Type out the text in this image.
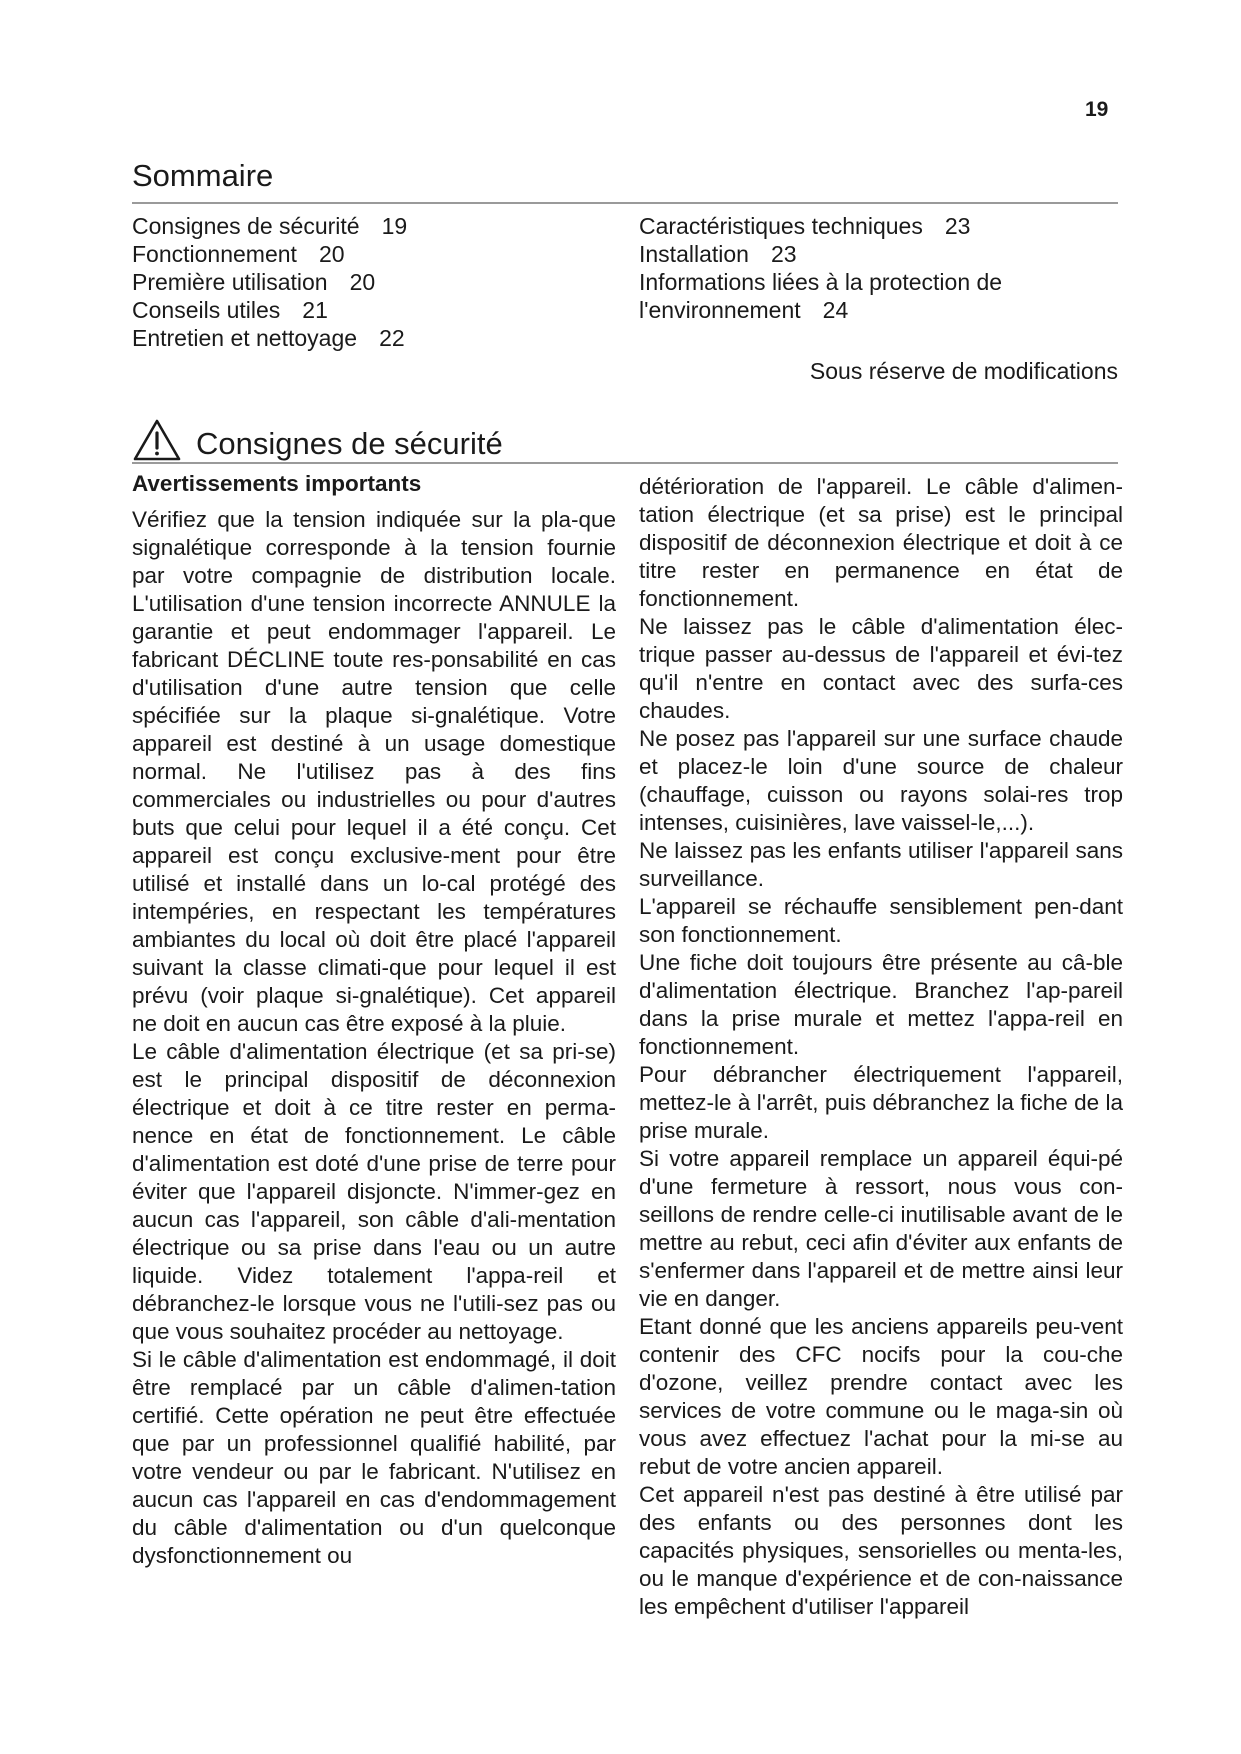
19
Sommaire
Consignes de sécurité 19
Fonctionnement 20
Première utilisation 20
Conseils utiles 21
Entretien et nettoyage 22
Caractéristiques techniques 23
Installation 23
Informations liées à la protection de l'environnement 24
Sous réserve de modifications
Consignes de sécurité
Avertissements importants

Vérifiez que la tension indiquée sur la pla-que signalétique corresponde à la tension fournie par votre compagnie de distribution locale. L'utilisation d'une tension incorrecte ANNULE la garantie et peut endommager l'appareil. Le fabricant DÉCLINE toute res-ponsabilité en cas d'utilisation d'une autre tension que celle spécifiée sur la plaque si-gnalétique. Votre appareil est destiné à un usage domestique normal. Ne l'utilisez pas à des fins commerciales ou industrielles ou pour d'autres buts que celui pour lequel il a été conçu. Cet appareil est conçu exclusive-ment pour être utilisé et installé dans un lo-cal protégé des intempéries, en respectant les températures ambiantes du local où doit être placé l'appareil suivant la classe climati-que pour lequel il est prévu (voir plaque si-gnalétique). Cet appareil ne doit en aucun cas être exposé à la pluie.

Le câble d'alimentation électrique (et sa pri-se) est le principal dispositif de déconnexion électrique et doit à ce titre rester en perma-nence en état de fonctionnement. Le câble d'alimentation est doté d'une prise de terre pour éviter que l'appareil disjoncte. N'immer-gez en aucun cas l'appareil, son câble d'ali-mentation électrique ou sa prise dans l'eau ou un autre liquide. Videz totalement l'appa-reil et débranchez-le lorsque vous ne l'utili-sez pas ou que vous souhaitez procéder au nettoyage.

Si le câble d'alimentation est endommagé, il doit être remplacé par un câble d'alimen-tation certifié. Cette opération ne peut être effectuée que par un professionnel qualifié habilité, par votre vendeur ou par le fabricant. N'utilisez en aucun cas l'appareil en cas d'endommagement du câble d'alimentation ou d'un quelconque dysfonctionnement ou

détérioration de l'appareil. Le câble d'alimen-tation électrique (et sa prise) est le principal dispositif de déconnexion électrique et doit à ce titre rester en permanence en état de fonctionnement.

Ne laissez pas le câble d'alimentation élec-trique passer au-dessus de l'appareil et évi-tez qu'il n'entre en contact avec des surfa-ces chaudes.

Ne posez pas l'appareil sur une surface chaude et placez-le loin d'une source de chaleur (chauffage, cuisson ou rayons solai-res trop intenses, cuisinières, lave vaissel-le,...).

Ne laissez pas les enfants utiliser l'appareil sans surveillance.

L'appareil se réchauffe sensiblement pen-dant son fonctionnement.

Une fiche doit toujours être présente au câ-ble d'alimentation électrique. Branchez l'ap-pareil dans la prise murale et mettez l'appa-reil en fonctionnement.

Pour débrancher électriquement l'appareil, mettez-le à l'arrêt, puis débranchez la fiche de la prise murale.

Si votre appareil remplace un appareil équi-pé d'une fermeture à ressort, nous vous con-seillons de rendre celle-ci inutilisable avant de le mettre au rebut, ceci afin d'éviter aux enfants de s'enfermer dans l'appareil et de mettre ainsi leur vie en danger.

Etant donné que les anciens appareils peu-vent contenir des CFC nocifs pour la cou-che d'ozone, veillez prendre contact avec les services de votre commune ou le maga-sin où vous avez effectuez l'achat pour la mi-se au rebut de votre ancien appareil.

Cet appareil n'est pas destiné à être utilisé par des enfants ou des personnes dont les capacités physiques, sensorielles ou menta-les, ou le manque d'expérience et de con-naissance les empêchent d'utiliser l'appareil
